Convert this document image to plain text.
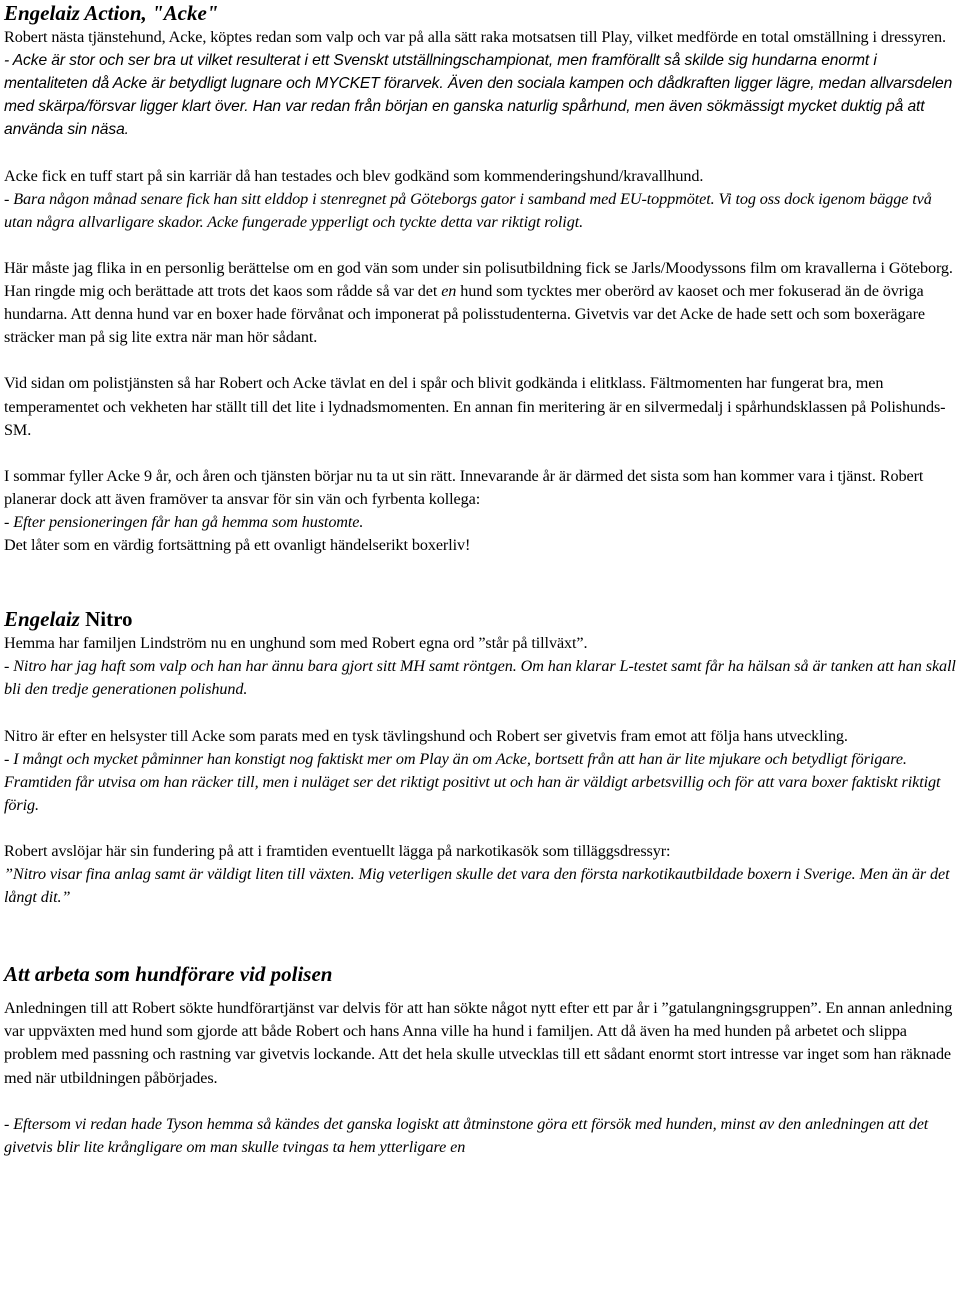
Engelaiz Action, "Acke"

Robert nästa tjänstehund, Acke, köptes redan som valp och var på alla sätt raka motsatsen till Play, vilket medförde en total omställning i dressyren.
- Acke är stor och ser bra ut vilket resulterat i ett Svenskt utställningschampionat, men framförallt så skilde sig hundarna enormt i mentaliteten då Acke är betydligt lugnare och MYCKET förarvek. Även den sociala kampen och dådkraften ligger lägre, medan allvarsdelen med skärpa/försvar ligger klart över. Han var redan från början en ganska naturlig spårhund, men även sökmässigt mycket duktig på att använda sin näsa.

Acke fick en tuff start på sin karriär då han testades och blev godkänd som kommenderingshund/kravallhund.
- Bara någon månad senare fick han sitt elddop i stenregnet på Göteborgs gator i samband med EU-toppmötet. Vi tog oss dock igenom bägge två utan några allvarligare skador. Acke fungerade ypperligt och tyckte detta var riktigt roligt.

Här måste jag flika in en personlig berättelse om en god vän som under sin polisutbildning fick se Jarls/Moodyssons film om kravallerna i Göteborg. Han ringde mig och berättade att trots det kaos som rådde så var det en hund som tycktes mer oberörd av kaoset och mer fokuserad än de övriga hundarna. Att denna hund var en boxer hade förvånat och imponerat på polisstudenterna. Givetvis var det Acke de hade sett och som boxerägare sträcker man på sig lite extra när man hör sådant.

Vid sidan om polistjänsten så har Robert och Acke tävlat en del i spår och blivit godkända i elitklass. Fältmomenten har fungerat bra, men temperamentet och vekheten har ställt till det lite i lydnadsmomenten. En annan fin meritering är en silvermedalj i spårhundsklassen på Polishunds-SM.

I sommar fyller Acke 9 år, och åren och tjänsten börjar nu ta ut sin rätt. Innevarande år är därmed det sista som han kommer vara i tjänst. Robert planerar dock att även framöver ta ansvar för sin vän och fyrbenta kollega:
- Efter pensioneringen får han gå hemma som hustomte.
Det låter som en värdig fortsättning på ett ovanligt händelserikt boxerliv!

Engelaiz Nitro

Hemma har familjen Lindström nu en unghund som med Robert egna ord ”står på tillväxt”.
- Nitro har jag haft som valp och han har ännu bara gjort sitt MH samt röntgen. Om han klarar L-testet samt får ha hälsan så är tanken att han skall bli den tredje generationen polishund.

Nitro är efter en helsyster till Acke som parats med en tysk tävlingshund och Robert ser givetvis fram emot att följa hans utveckling.
- I mångt och mycket påminner han konstigt nog faktiskt mer om Play än om Acke, bortsett från att han är lite mjukare och betydligt förigare. Framtiden får utvisa om han räcker till, men i nuläget ser det riktigt positivt ut och han är väldigt arbetsvillig och för att vara boxer faktiskt riktigt förig.

Robert avslöjar här sin fundering på att i framtiden eventuellt lägga på narkotikasök som tilläggsdressyr:
”Nitro visar fina anlag samt är väldigt liten till växten. Mig veterligen skulle det vara den första narkotikautbildade boxern i Sverige. Men än är det långt dit.”

Att arbeta som hundförare vid polisen

Anledningen till att Robert sökte hundförartjänst var delvis för att han sökte något nytt efter ett par år i ”gatulangningsgruppen”. En annan anledning var uppväxten med hund som gjorde att både Robert och hans Anna ville ha hund i familjen. Att då även ha med hunden på arbetet och slippa problem med passning och rastning var givetvis lockande. Att det hela skulle utvecklas till ett sådant enormt stort intresse var inget som han räknade med när utbildningen påbörjades.

- Eftersom vi redan hade Tyson hemma så kändes det ganska logiskt att åtminstone göra ett försök med hunden, minst av den anledningen att det givetvis blir lite krångligare om man skulle tvingas ta hem ytterligare en
